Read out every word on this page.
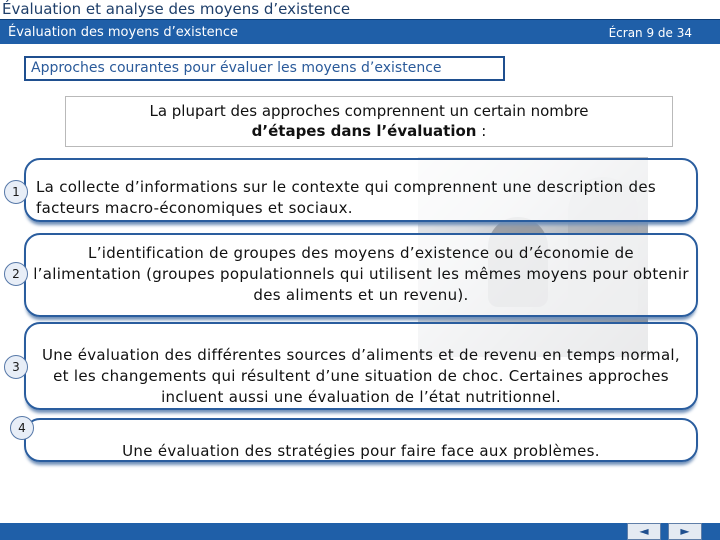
Évaluation et analyse des moyens d’existence
Évaluation des moyens d’existence	Écran 9 de 34
Approches courantes pour évaluer les moyens d’existence
La plupart des approches comprennent un certain nombre
d’étapes dans l’évaluation :
La collecte d’informations sur le contexte qui comprennent une description des facteurs macro-économiques et sociaux.
L’identification de groupes des moyens d’existence ou d’économie de l’alimentation (groupes populationnels qui utilisent les mêmes moyens pour obtenir des aliments et un revenu).
Une évaluation des différentes sources d’aliments et de revenu en temps normal, et les changements qui résultent d’une situation de choc. Certaines approches incluent aussi une évaluation de l’état nutritionnel.
Une évaluation des stratégies pour faire face aux problèmes.
1
2
3
4
◄	►
